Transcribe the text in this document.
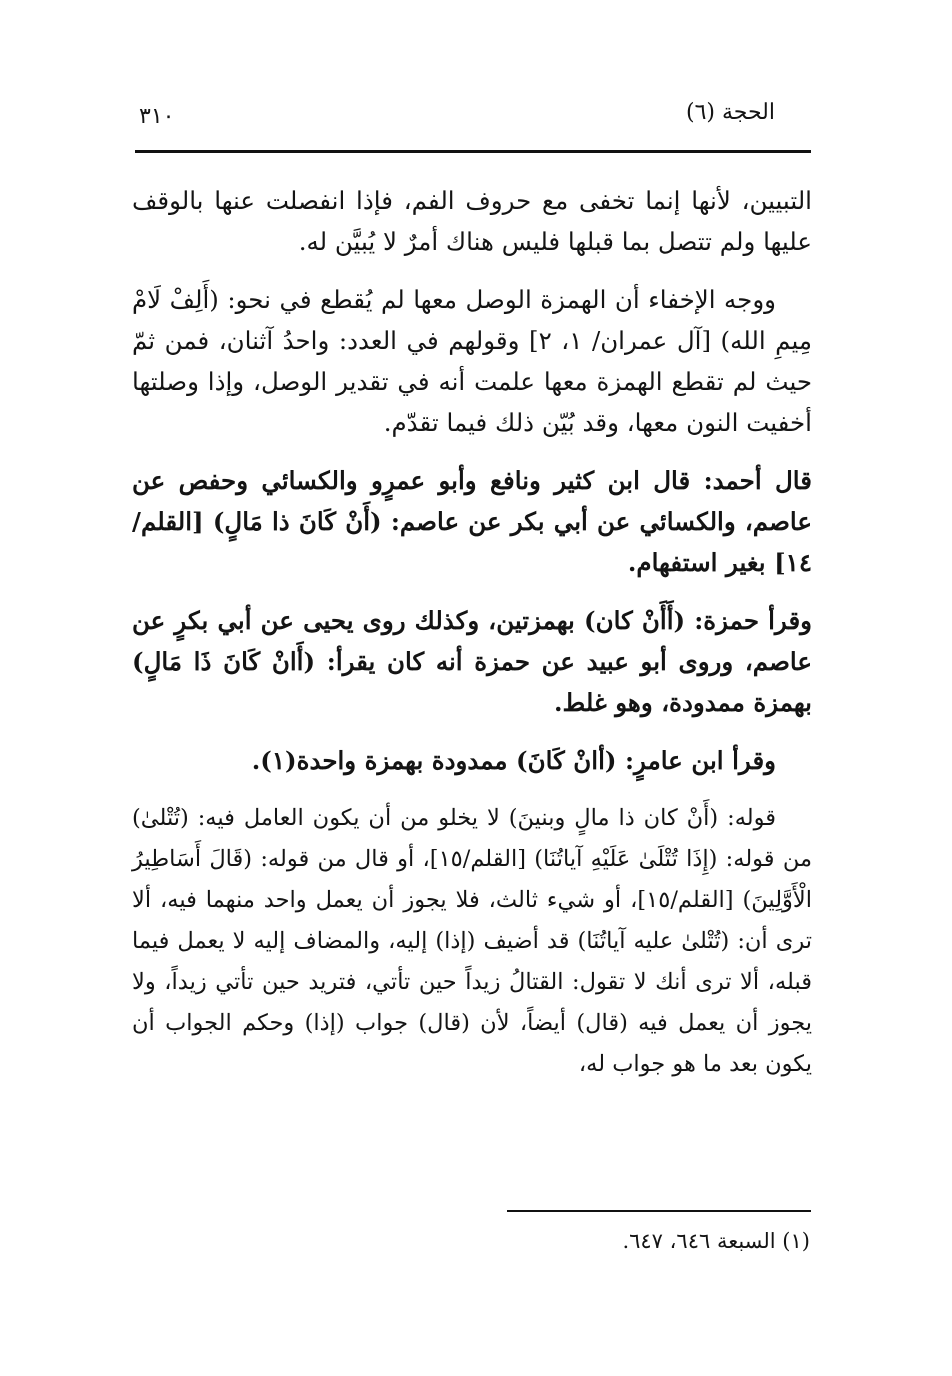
٣١٠	الحجة (٦)

التبيين، لأنها إنما تخفى مع حروف الفم، فإذا انفصلت عنها بالوقف عليها ولم تتصل بما قبلها فليس هناك أمرٌ لا يُبيَّن له.

ووجه الإخفاء أن الهمزة الوصل معها لم يُقطع في نحو: (أَلِفْ لَامْ مِيمِ الله) [آل عمران/ ١، ٢] وقولهم في العدد: واحدُ آثنان، فمن ثمّ حيث لم تقطع الهمزة معها علمت أنه في تقدير الوصل، وإذا وصلتها أخفيت النون معها، وقد بُيّن ذلك فيما تقدّم.

قال أحمد: قال ابن كثير ونافع وأبو عمرٍو والكسائي وحفص عن عاصم، والكسائي عن أبي بكر عن عاصم: (أَنْ كَانَ ذا مَالٍ) [القلم/١٤] بغير استفهام.

وقرأ حمزة: (أَأَنْ كان) بهمزتين، وكذلك روى يحيى عن أبي بكرٍ عن عاصم، وروى أبو عبيد عن حمزة أنه كان يقرأ: (أَانْ كَانَ ذَا مَالٍ) بهمزة ممدودة، وهو غلط.

وقرأ ابن عامرٍ: (أانْ كَانَ) ممدودة بهمزة واحدة(١).

قوله: (أَنْ كان ذا مالٍ وبنينَ) لا يخلو من أن يكون العامل فيه: (تُتْلىٰ) من قوله: (إِذَا تُتْلَىٰ عَلَيْهِ آياتُنَا) [القلم/١٥]، أو قال من قوله: (قَالَ أَسَاطِيرُ الْأَوَّلِينَ) [القلم/١٥]، أو شيء ثالث، فلا يجوز أن يعمل واحد منهما فيه، ألا ترى أن: (تُتْلىٰ عليه آياتُنَا) قد أضيف (إذا) إليه، والمضاف إليه لا يعمل فيما قبله، ألا ترى أنك لا تقول: القتالُ زيداً حين تأتي، فتريد حين تأتي زيداً، ولا يجوز أن يعمل فيه (قال) أيضاً، لأن (قال) جواب (إذا) وحكم الجواب أن يكون بعد ما هو جواب له،

(١) السبعة ٦٤٦، ٦٤٧.
